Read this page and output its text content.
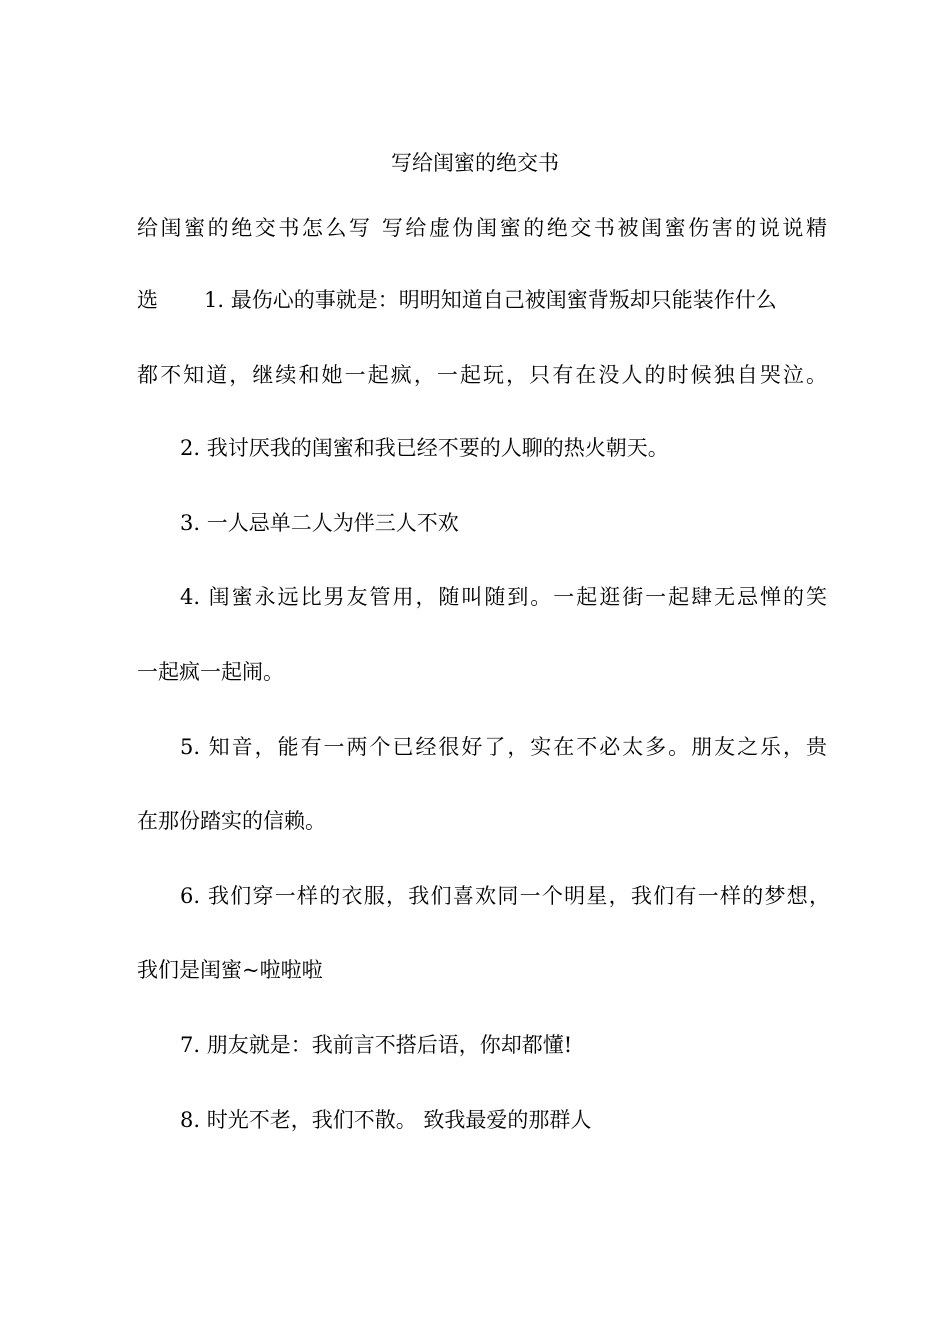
写给闺蜜的绝交书

给闺蜜的绝交书怎么写 写给虚伪闺蜜的绝交书被闺蜜伤害的说说精

选 1. 最伤心的事就是：明明知道自己被闺蜜背叛却只能装作什么

都不知道，继续和她一起疯，一起玩，只有在没人的时候独自哭泣。

2. 我讨厌我的闺蜜和我已经不要的人聊的热火朝天。

3. 一人忌单二人为伴三人不欢

4. 闺蜜永远比男友管用，随叫随到。一起逛街一起肆无忌惮的笑

一起疯一起闹。

5. 知音，能有一两个已经很好了，实在不必太多。朋友之乐，贵

在那份踏实的信赖。

6. 我们穿一样的衣服，我们喜欢同一个明星，我们有一样的梦想，

我们是闺蜜~啦啦啦

7. 朋友就是：我前言不搭后语，你却都懂!

8. 时光不老，我们不散。 致我最爱的那群人
